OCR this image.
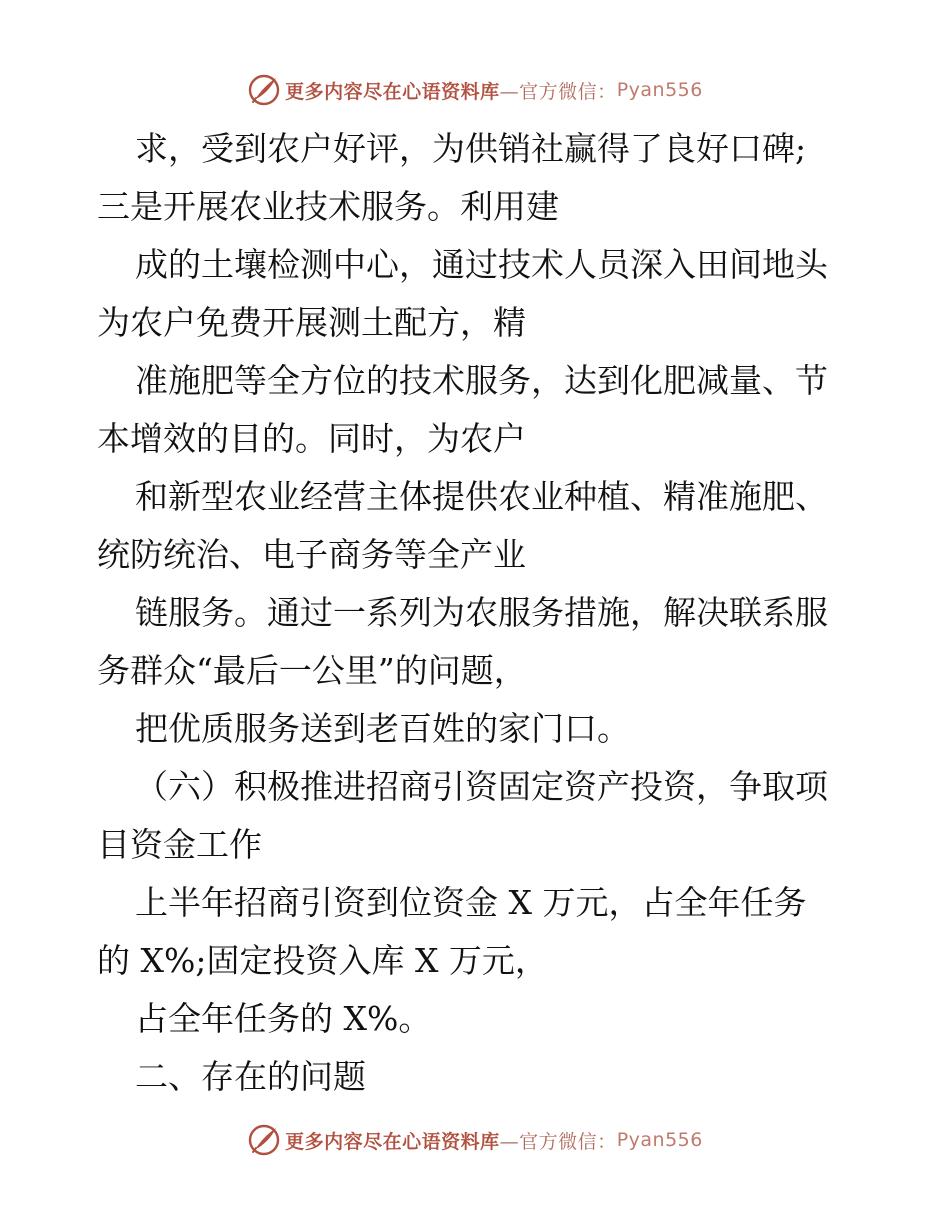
更多内容尽在心语资料库 —官方微信： Pyan556
求，受到农户好评，为供销社赢得了良好口碑;
三是开展农业技术服务。利用建
成的土壤检测中心，通过技术人员深入田间地头
为农户免费开展测土配方，精
准施肥等全方位的技术服务，达到化肥减量、节
本增效的目的。同时，为农户
和新型农业经营主体提供农业种植、精准施肥、
统防统治、电子商务等全产业
链服务。通过一系列为农服务措施，解决联系服
务群众“最后一公里”的问题，
把优质服务送到老百姓的家门口。
（六）积极推进招商引资固定资产投资，争取项
目资金工作
上半年招商引资到位资金 X 万元，占全年任务
的 X%;固定投资入库 X 万元，
占全年任务的 X%。
二、存在的问题
更多内容尽在心语资料库 —官方微信： Pyan556
